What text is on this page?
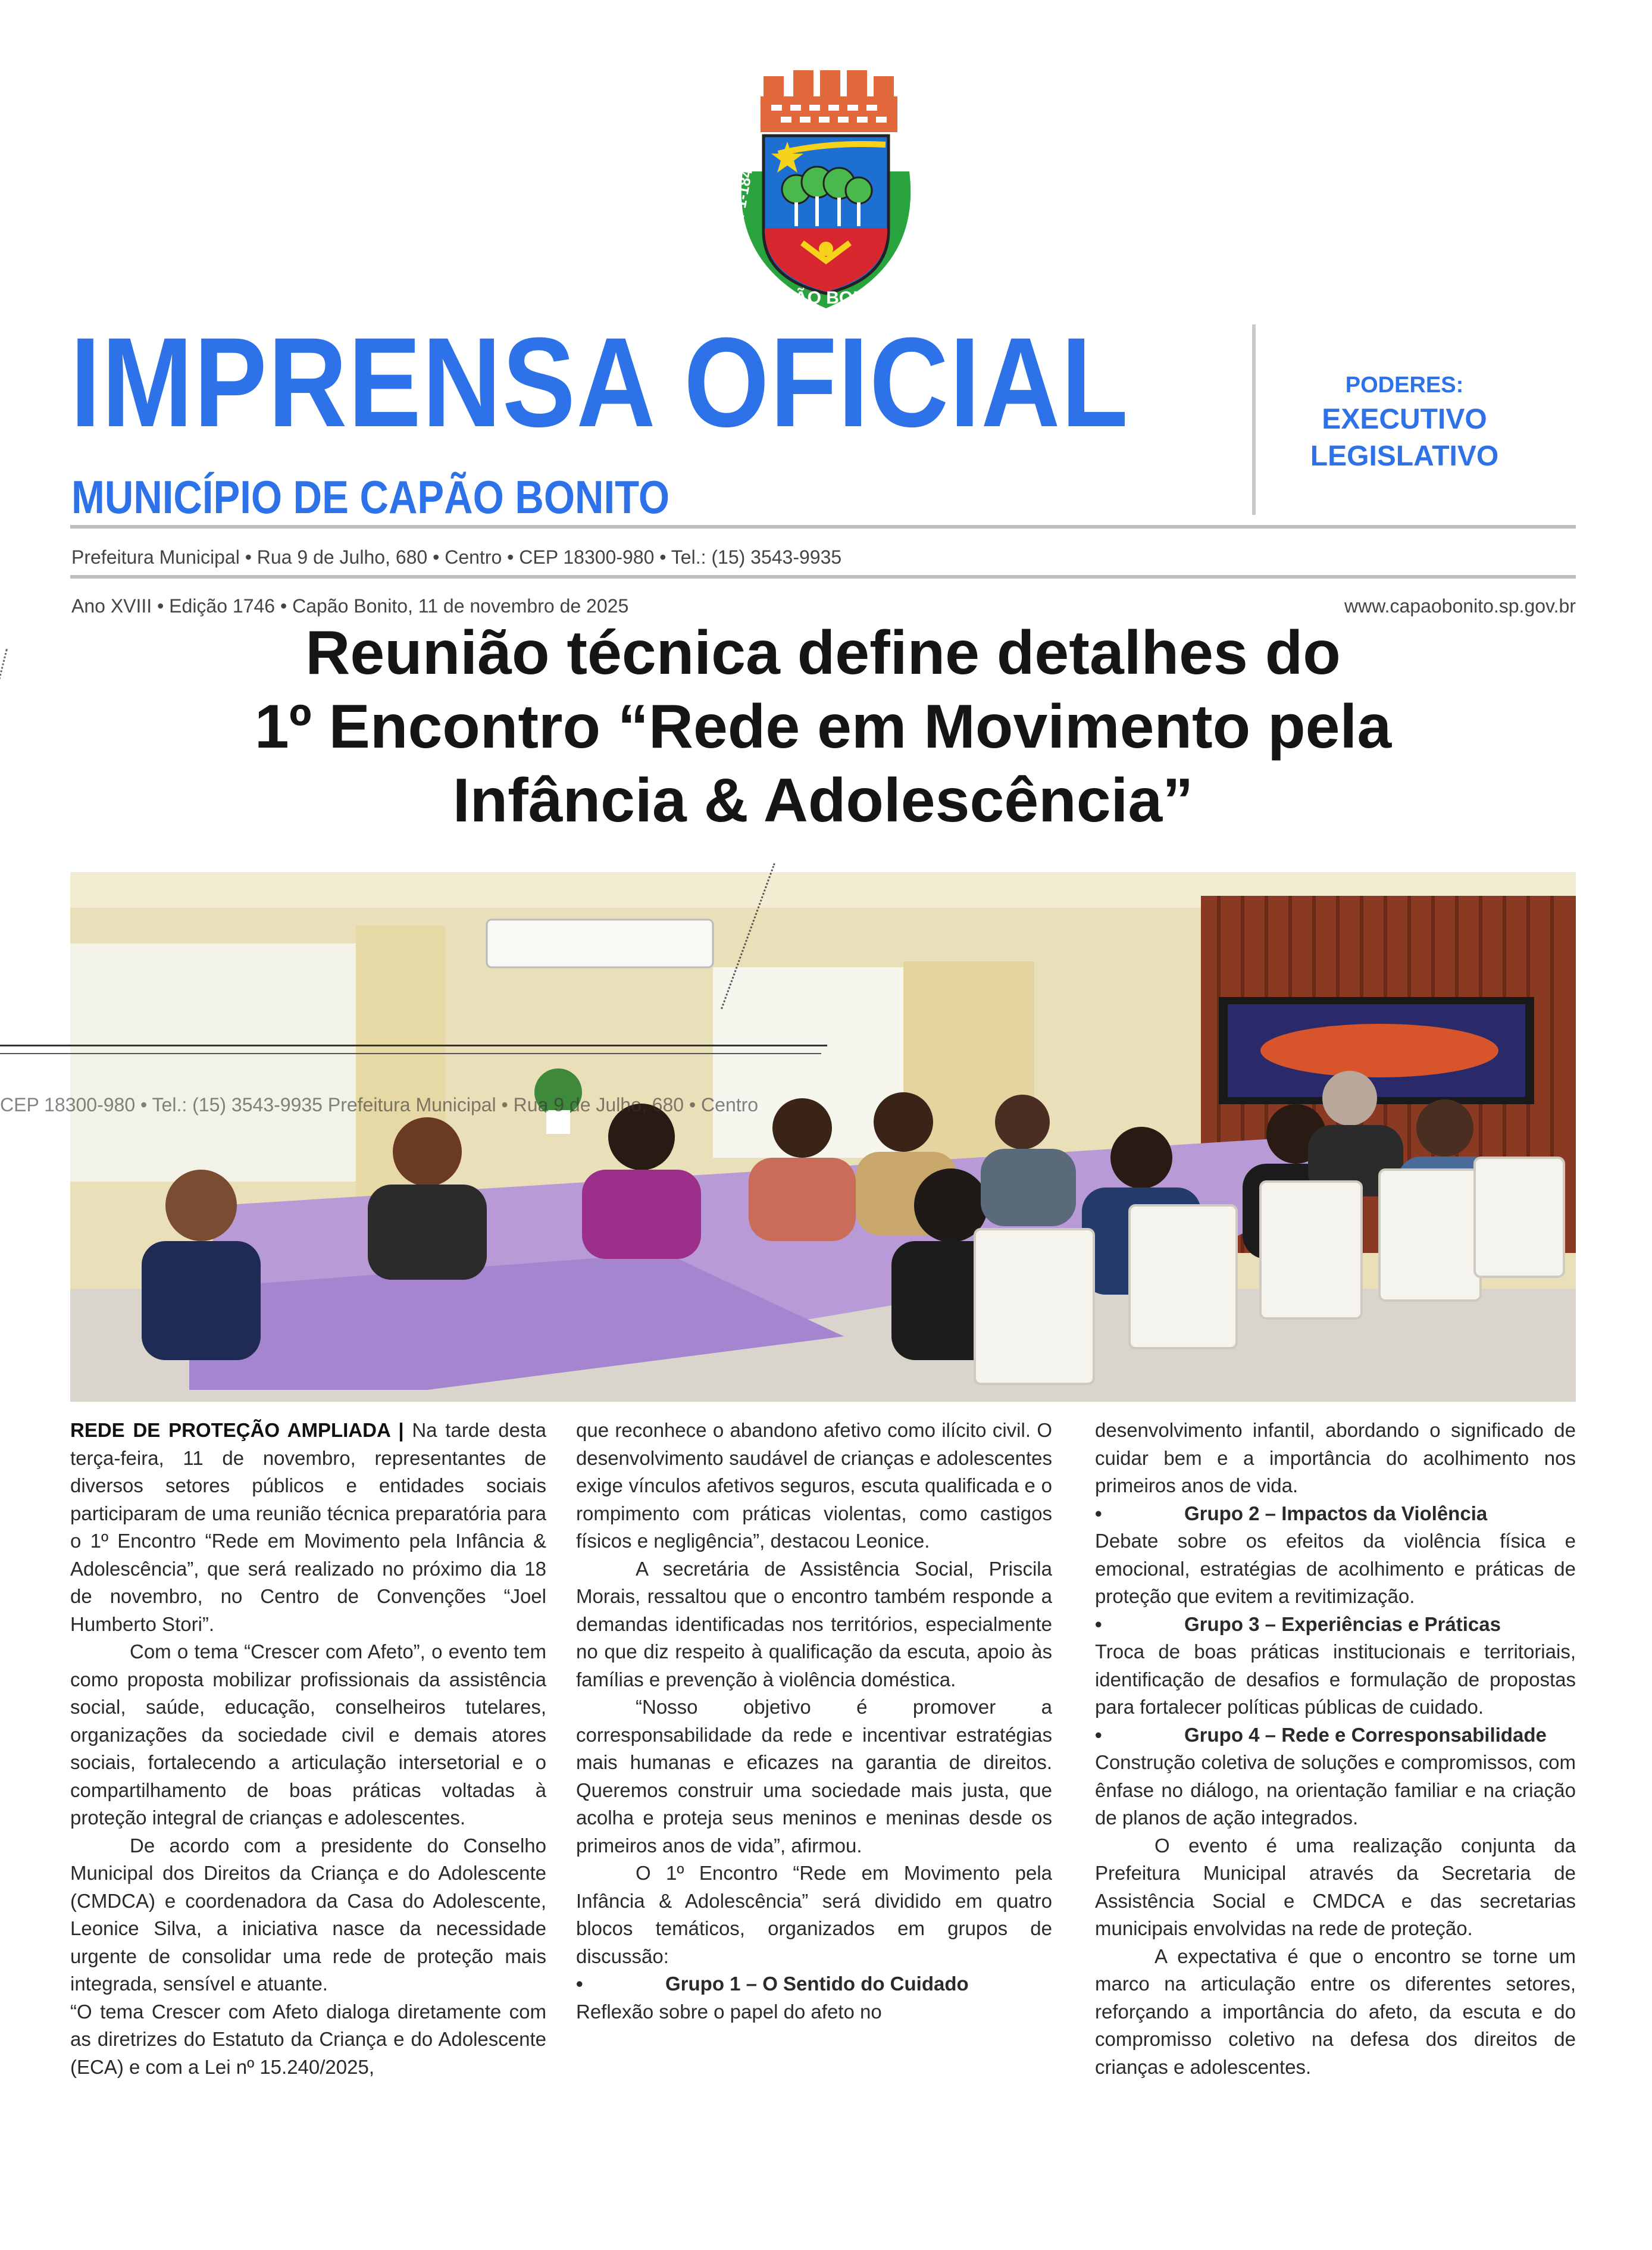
24-1-1843	24-4-1857
CAPÃO BONITO
IMPRENSA OFICIAL
MUNICÍPIO DE CAPÃO BONITO
PODERES:
EXECUTIVO
LEGISLATIVO
Prefeitura Municipal • Rua 9 de Julho, 680 • Centro • CEP 18300-980 • Tel.: (15) 3543-9935
Ano XVIII • Edição 1746 • Capão Bonito, 11 de novembro de 2025	www.capaobonito.sp.gov.br
Reunião técnica define detalhes do
1º Encontro “Rede em Movimento pela
Infância & Adolescência”
CEP 18300-980 • Tel.: (15) 3543-9935 Prefeitura Municipal • Rua 9 de Julho, 680 • Centro

REDE DE PROTEÇÃO AMPLIADA | Na tarde desta terça-feira, 11 de novembro, representantes de diversos setores públicos e entidades sociais participaram de uma reunião técnica preparatória para o 1º Encontro “Rede em Movimento pela Infância & Adolescência”, que será realizado no próximo dia 18 de novembro, no Centro de Convenções “Joel Humberto Stori”.

Com o tema “Crescer com Afeto”, o evento tem como proposta mobilizar profissionais da assistência social, saúde, educação, conselheiros tutelares, organizações da sociedade civil e demais atores sociais, fortalecendo a articulação intersetorial e o compartilhamento de boas práticas voltadas à proteção integral de crianças e adolescentes.

De acordo com a presidente do Conselho Municipal dos Direitos da Criança e do Adolescente (CMDCA) e coordenadora da Casa do Adolescente, Leonice Silva, a iniciativa nasce da necessidade urgente de consolidar uma rede de proteção mais integrada, sensível e atuante.

“O tema Crescer com Afeto dialoga diretamente com as diretrizes do Estatuto da Criança e do Adolescente (ECA) e com a Lei nº 15.240/2025,

que reconhece o abandono afetivo como ilícito civil. O desenvolvimento saudável de crianças e adolescentes exige vínculos afetivos seguros, escuta qualificada e o rompimento com práticas violentas, como castigos físicos e negligência”, destacou Leonice.

A secretária de Assistência Social, Priscila Morais, ressaltou que o encontro também responde a demandas identificadas nos territórios, especialmente no que diz respeito à qualificação da escuta, apoio às famílias e prevenção à violência doméstica.

“Nosso objetivo é promover a corresponsabilidade da rede e incentivar estratégias mais humanas e eficazes na garantia de direitos. Queremos construir uma sociedade mais justa, que acolha e proteja seus meninos e meninas desde os primeiros anos de vida”, afirmou.

O 1º Encontro “Rede em Movimento pela Infância & Adolescência” será dividido em quatro blocos temáticos, organizados em grupos de discussão:

•	Grupo 1 – O Sentido do Cuidado

Reflexão sobre o papel do afeto no

desenvolvimento infantil, abordando o significado de cuidar bem e a importância do acolhimento nos primeiros anos de vida.

•	Grupo 2 – Impactos da Violência

Debate sobre os efeitos da violência física e emocional, estratégias de acolhimento e práticas de proteção que evitem a revitimização.

•	Grupo 3 – Experiências e Práticas

Troca de boas práticas institucionais e territoriais, identificação de desafios e formulação de propostas para fortalecer políticas públicas de cuidado.

•	Grupo 4 – Rede e Corresponsabilidade

Construção coletiva de soluções e compromissos, com ênfase no diálogo, na orientação familiar e na criação de planos de ação integrados.

O evento é uma realização conjunta da Prefeitura Municipal através da Secretaria de Assistência Social e CMDCA e das secretarias municipais envolvidas na rede de proteção.

A expectativa é que o encontro se torne um marco na articulação entre os diferentes setores, reforçando a importância do afeto, da escuta e do compromisso coletivo na defesa dos direitos de crianças e adolescentes.
